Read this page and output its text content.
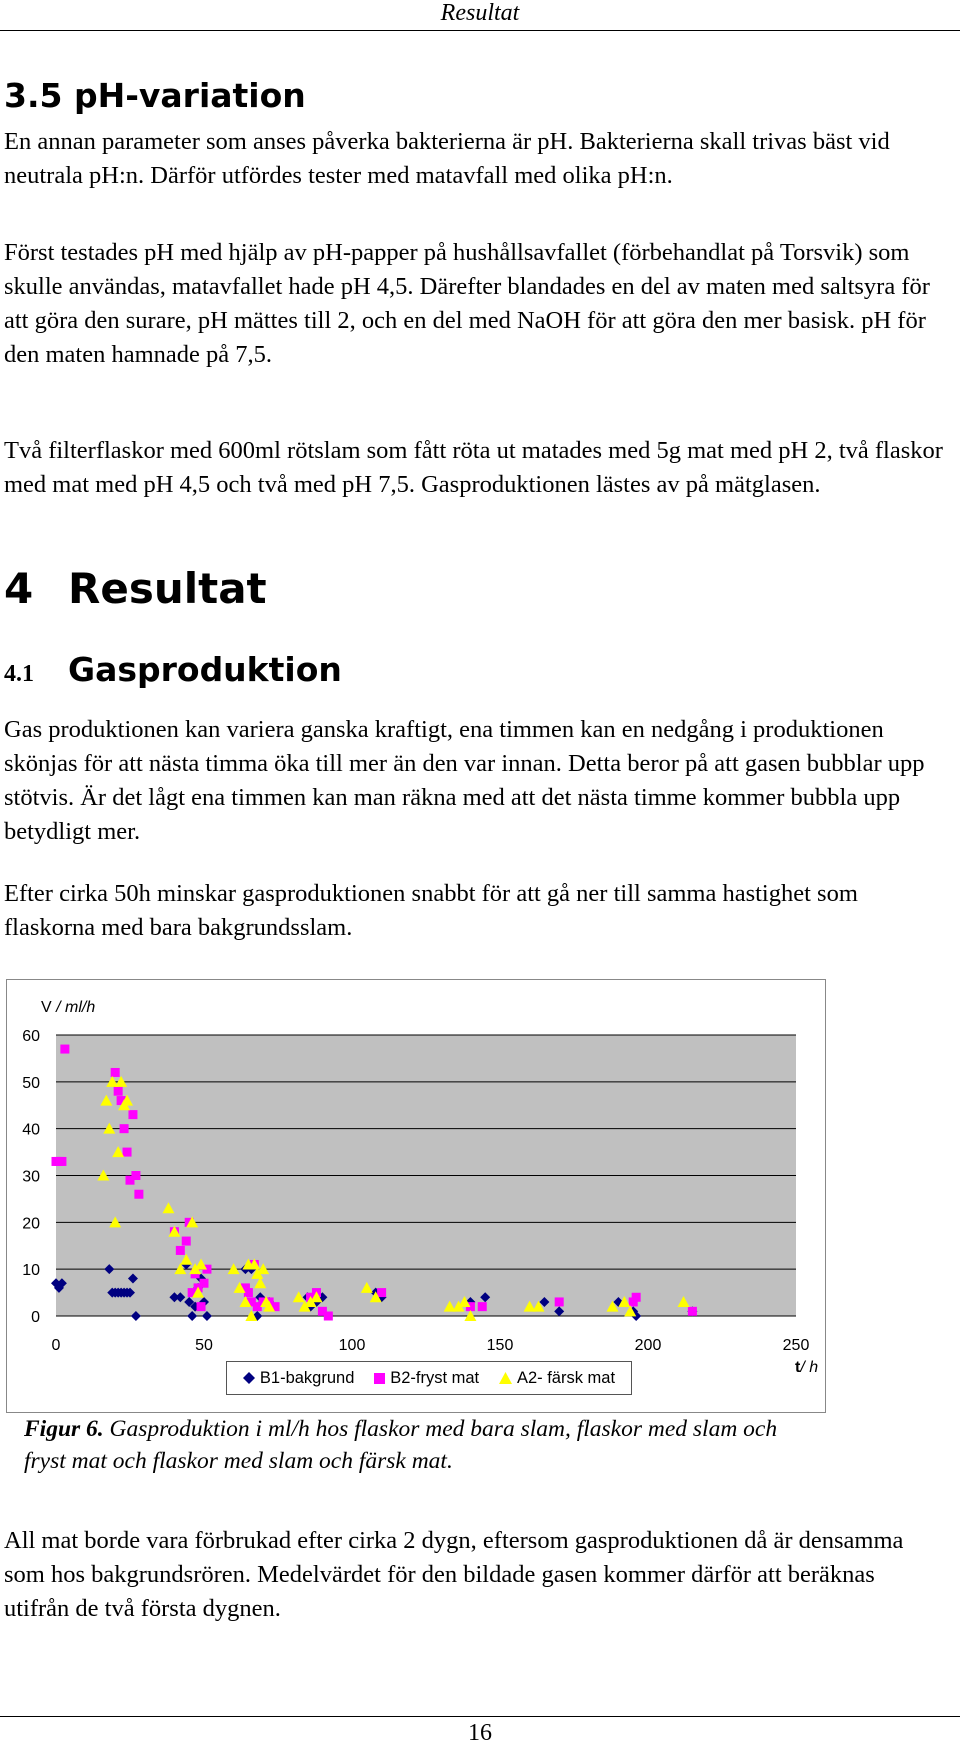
Resultat
3.5 pH-variation

En annan parameter som anses påverka bakterierna är pH. Bakterierna skall trivas bäst vid neutrala pH:n. Därför utfördes tester med matavfall med olika pH:n.

Först testades pH med hjälp av pH-papper på hushållsavfallet (förbehandlat på Torsvik) som skulle användas, matavfallet hade pH 4,5. Därefter blandades en del av maten med saltsyra för att göra den surare, pH mättes till 2, och en del med NaOH för att göra den mer basisk. pH för den maten hamnade på 7,5.

Två filterflaskor med 600ml rötslam som fått röta ut matades med 5g mat med pH 2, två flaskor med mat med pH 4,5 och två med pH 7,5. Gasproduktionen lästes av på mätglasen.

4 Resultat
4.1 Gasproduktion

Gas produktionen kan variera ganska kraftigt, ena timmen kan en nedgång i produktionen skönjas för att nästa timma öka till mer än den var innan. Detta beror på att gasen bubblar upp stötvis. Är det lågt ena timmen kan man räkna med att det nästa timme kommer bubbla upp betydligt mer.

Efter cirka 50h minskar gasproduktionen snabbt för att gå ner till samma hastighet som flaskorna med bara bakgrundsslam.

0
10
20
30
40
50
60
0	50	100	150	200	250
V / ml/h
t/ h
B1-bakgrund B2-fryst mat A2- färsk mat

Figur 6. Gasproduktion i ml/h hos flaskor med bara slam, flaskor med slam och fryst mat och flaskor med slam och färsk mat.

All mat borde vara förbrukad efter cirka 2 dygn, eftersom gasproduktionen då är densamma som hos bakgrundsrören. Medelvärdet för den bildade gasen kommer därför att beräknas utifrån de två första dygnen.

16
